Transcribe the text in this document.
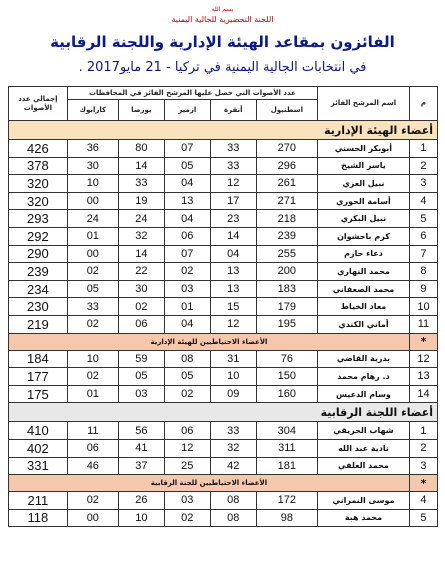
بسم الله
اللجنة التحضيرية للجالية اليمنية
الفائزون بمقاعد الهيئة الإدارية واللجنة الرقابية
في انتخابات الجالية اليمنية في تركيا - 21 مايو2017 .
م	اسم المرشح الفائز	عدد الأصوات التي حصل عليها المرشح الفائز في المحافظات					إجمالي عدد الأصوات
		اسطنبول	أنقرة	ازمير	بورصا	كارابوك	
أعضاء الهيئة الإدارية							
1	أبوبكر الحسني	270	33	07	80	36	426
2	ياسر الشيخ	296	33	05	14	30	378
3	نبيل العزي	261	12	04	33	10	320
4	أسامة الحوري	271	17	13	19	00	320
5	نبيل البكري	218	23	04	24	24	293
6	كرم باحشوان	239	14	06	32	01	292
7	دعاء حازم	255	04	07	14	00	290
8	محمد النهاري	200	13	02	22	02	239
9	محمد الصعفاني	183	13	03	30	05	234
10	معاد الخياط	179	15	01	02	33	230
11	أماني الكندي	195	12	04	06	02	219
*	الأعضاء الاحتياطيين للهيئة الإدارية						
12	بدرية القاضي	76	31	08	59	10	184
13	د. رهام محمد	150	10	05	05	02	177
14	وسام الدعيس	160	09	02	03	01	175
أعضاء اللجنة الرقابية							
1	شهاب الحريقي	304	33	06	56	11	410
2	نادية عبد الله	311	32	12	41	06	402
3	محمد العلفي	181	42	25	37	46	331
*	الأعضاء الاحتياطيين للجنة الرقابية						
4	موسى النمراني	172	08	03	26	02	211
5	محمد هبة	98	08	02	10	00	118
